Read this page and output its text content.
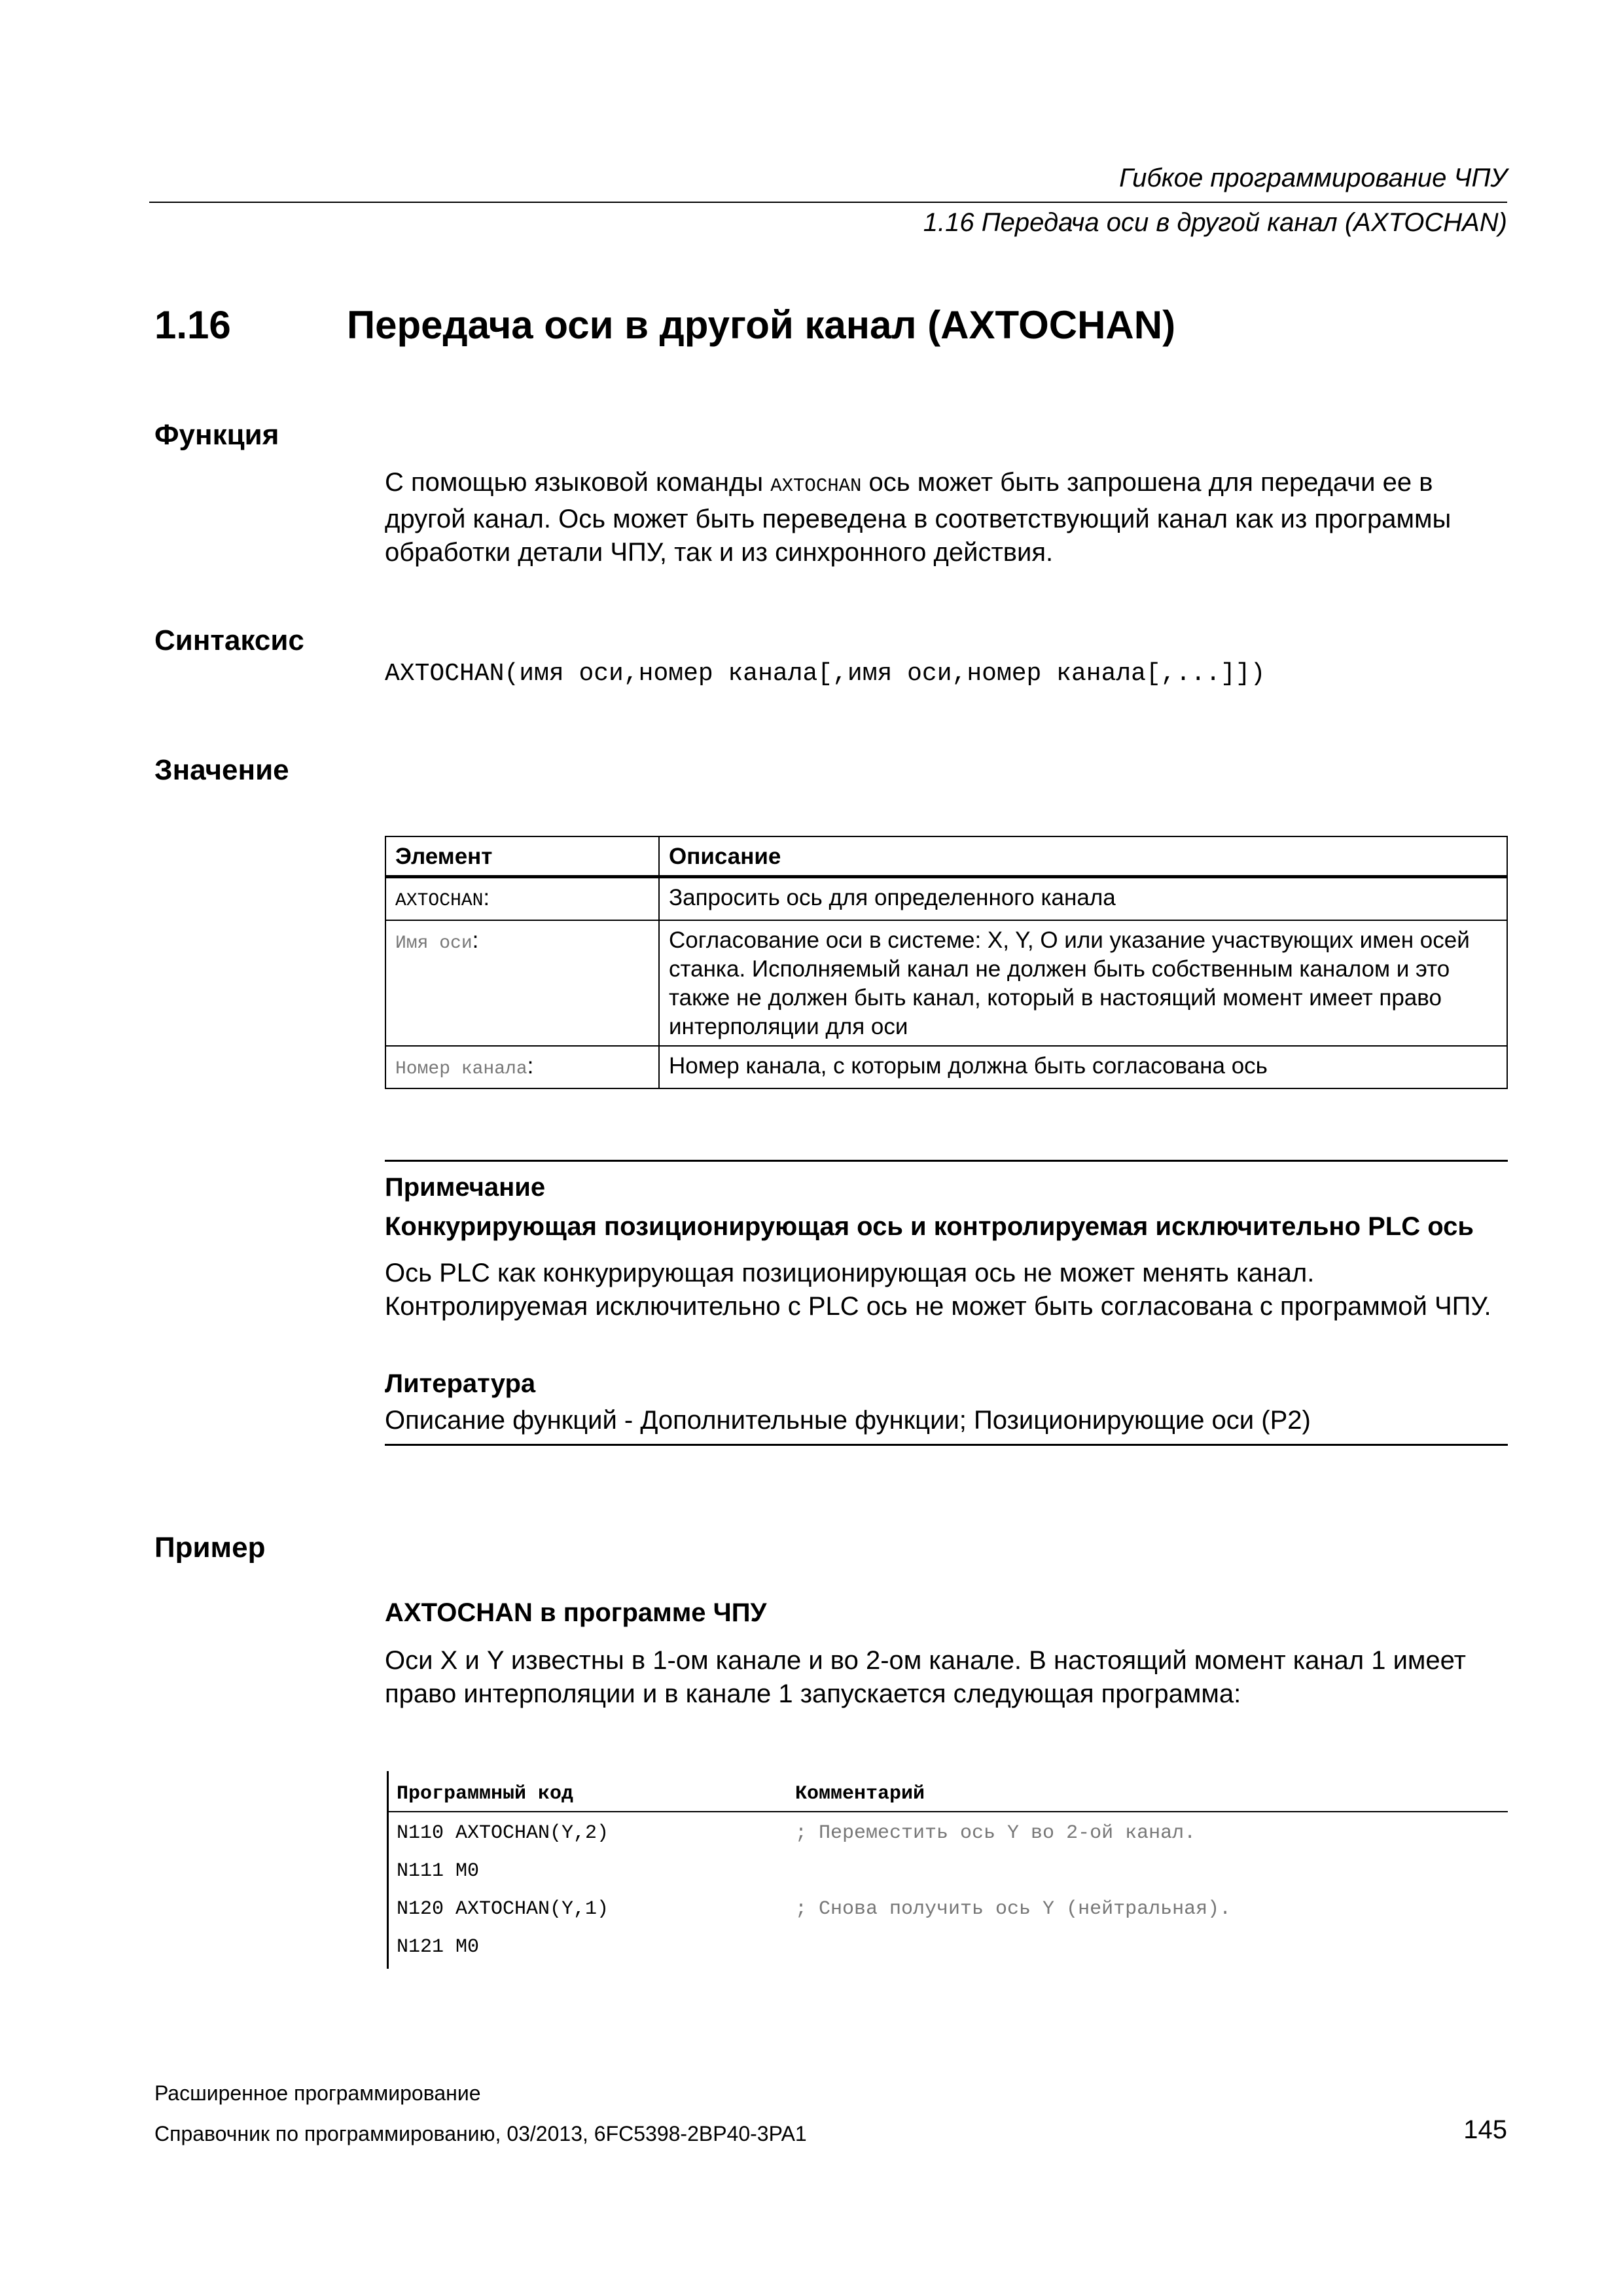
Гибкое программирование ЧПУ
1.16 Передача оси в другой канал (AXTOCHAN)
1.16	Передача оси в другой канал (AXTOCHAN)
Функция
С помощью языковой команды AXTOCHAN ось может быть запрошена для передачи ее в другой канал. Ось может быть переведена в соответствующий канал как из программы обработки детали ЧПУ, так и из синхронного действия.
Синтаксис
AXTOCHAN(имя оси,номер канала[,имя оси,номер канала[,...]])
Значение
Элемент	Описание
AXTOCHAN:	Запросить ось для определенного канала
Имя оси:	Согласование оси в системе: X, Y, O или указание участвующих имен осей станка. Исполняемый канал не должен быть собственным каналом и это также не должен быть канал, который в настоящий момент имеет право интерполяции для оси
Номер канала:	Номер канала, с которым должна быть согласована ось
Примечание
Конкурирующая позиционирующая ось и контролируемая исключительно PLC ось
Ось PLC как конкурирующая позиционирующая ось не может менять канал. Контролируемая исключительно с PLC ось не может быть согласована с программой ЧПУ.
Литература
Описание функций - Дополнительные функции; Позиционирующие оси (P2)
Пример
AXTOCHAN в программе ЧПУ
Оси X и Y известны в 1-ом канале и во 2-ом канале. В настоящий момент канал 1 имеет право интерполяции и в канале 1 запускается следующая программа:
Программный код	Комментарий
N110 AXTOCHAN(Y,2)	; Переместить ось Y во 2-ой канал.
N111 M0
N120 AXTOCHAN(Y,1)	; Снова получить ось Y (нейтральная).
N121 M0
Расширенное программирование
Справочник по программированию, 03/2013, 6FC5398-2BP40-3PA1	145
